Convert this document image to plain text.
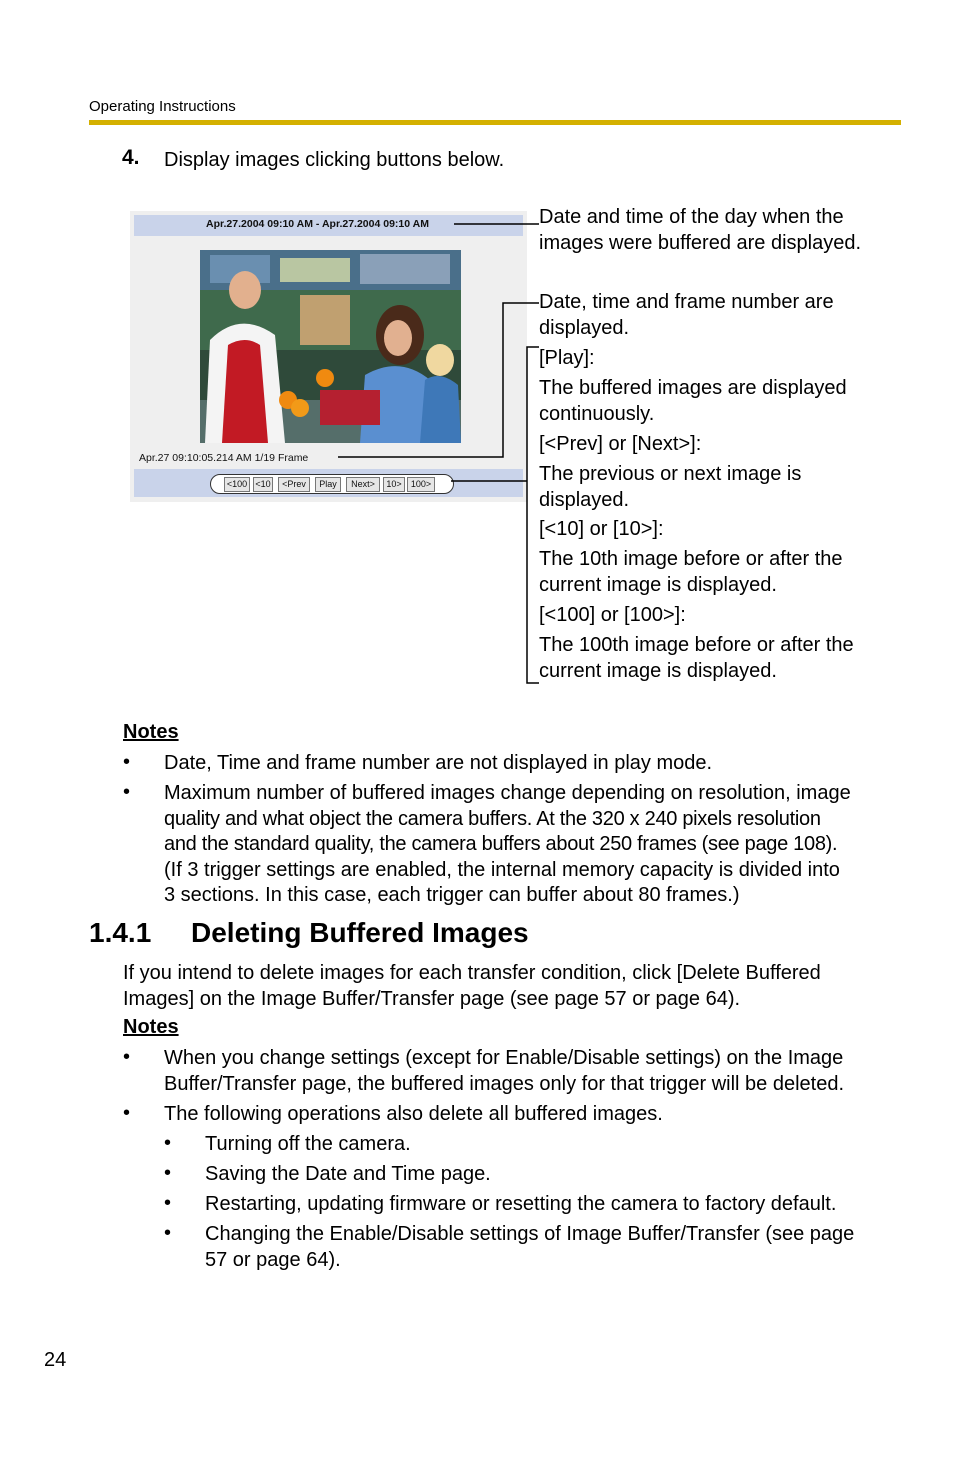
Operating Instructions
4. Display images clicking buttons below.
Apr.27.2004 09:10 AM - Apr.27.2004 09:10 AM
Apr.27 09:10:05.214 AM 1/19 Frame
<100 <10	<Prev	Play	Next>	10>	100>
Date and time of the day when the
images were buffered are displayed.
Date, time and frame number are
displayed.
[Play]:
The buffered images are displayed
continuously.
[<Prev] or [Next>]:
The previous or next image is
displayed.
[<10] or [10>]:
The 10th image before or after the
current image is displayed.
[<100] or [100>]:
The 100th image before or after the
current image is displayed.
Notes
• Date, Time and frame number are not displayed in play mode.
• Maximum number of buffered images change depending on resolution, image
quality and what object the camera buffers. At the 320 x 240 pixels resolution
and the standard quality, the camera buffers about 250 frames (see page 108).
(If 3 trigger settings are enabled, the internal memory capacity is divided into
3 sections. In this case, each trigger can buffer about 80 frames.)
1.4.1 Deleting Buffered Images
If you intend to delete images for each transfer condition, click [Delete Buffered
Images] on the Image Buffer/Transfer page (see page 57 or page 64).
Notes
• When you change settings (except for Enable/Disable settings) on the Image
Buffer/Transfer page, the buffered images only for that trigger will be deleted.
• The following operations also delete all buffered images.
• Turning off the camera.
• Saving the Date and Time page.
• Restarting, updating firmware or resetting the camera to factory default.
• Changing the Enable/Disable settings of Image Buffer/Transfer (see page
57 or page 64).
24
